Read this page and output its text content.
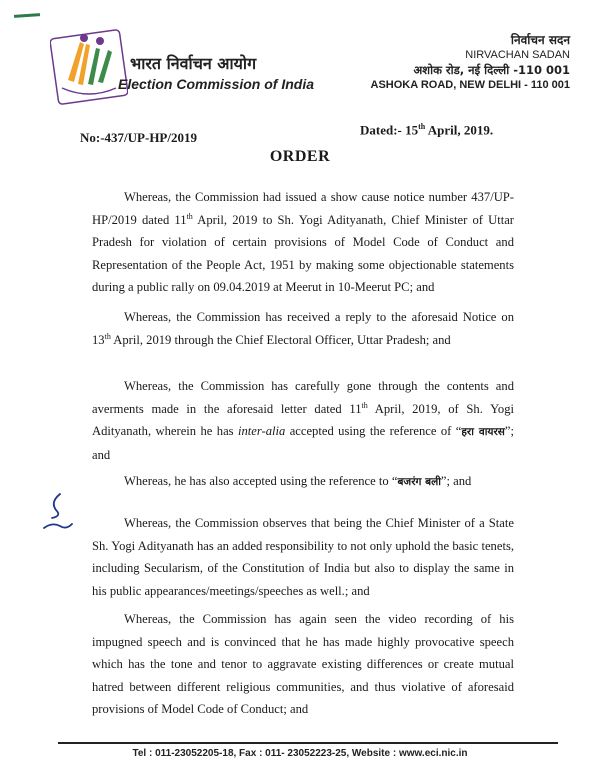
भारत निर्वाचन आयोग
Election Commission of India
निर्वाचन सदन
NIRVACHAN SADAN
अशोक रोड, नई दिल्ली -110 001
ASHOKA ROAD, NEW DELHI - 110 001
No:-437/UP-HP/2019
Dated:- 15th April, 2019.
ORDER
Whereas, the Commission had issued a show cause notice number 437/UP-HP/2019 dated 11th April, 2019 to Sh. Yogi Adityanath, Chief Minister of Uttar Pradesh for violation of certain provisions of Model Code of Conduct and Representation of the People Act, 1951 by making some objectionable statements during a public rally on 09.04.2019 at Meerut in 10-Meerut PC; and
Whereas, the Commission has received a reply to the aforesaid Notice on 13th April, 2019 through the Chief Electoral Officer, Uttar Pradesh; and
Whereas, the Commission has carefully gone through the contents and averments made in the aforesaid letter dated 11th April, 2019, of Sh. Yogi Adityanath, wherein he has inter-alia accepted using the reference of “हरा वायरस”; and
Whereas, he has also accepted using the reference to “बजरंग बली”; and
Whereas, the Commission observes that being the Chief Minister of a State Sh. Yogi Adityanath has an added responsibility to not only uphold the basic tenets, including Secularism, of the Constitution of India but also to display the same in his public appearances/meetings/speeches as well.; and
Whereas, the Commission has again seen the video recording of his impugned speech and is convinced that he has made highly provocative speech which has the tone and tenor to aggravate existing differences or create mutual hatred between different religious communities, and thus violative of aforesaid provisions of Model Code of Conduct; and
Tel : 011-23052205-18, Fax : 011- 23052223-25, Website : www.eci.nic.in
